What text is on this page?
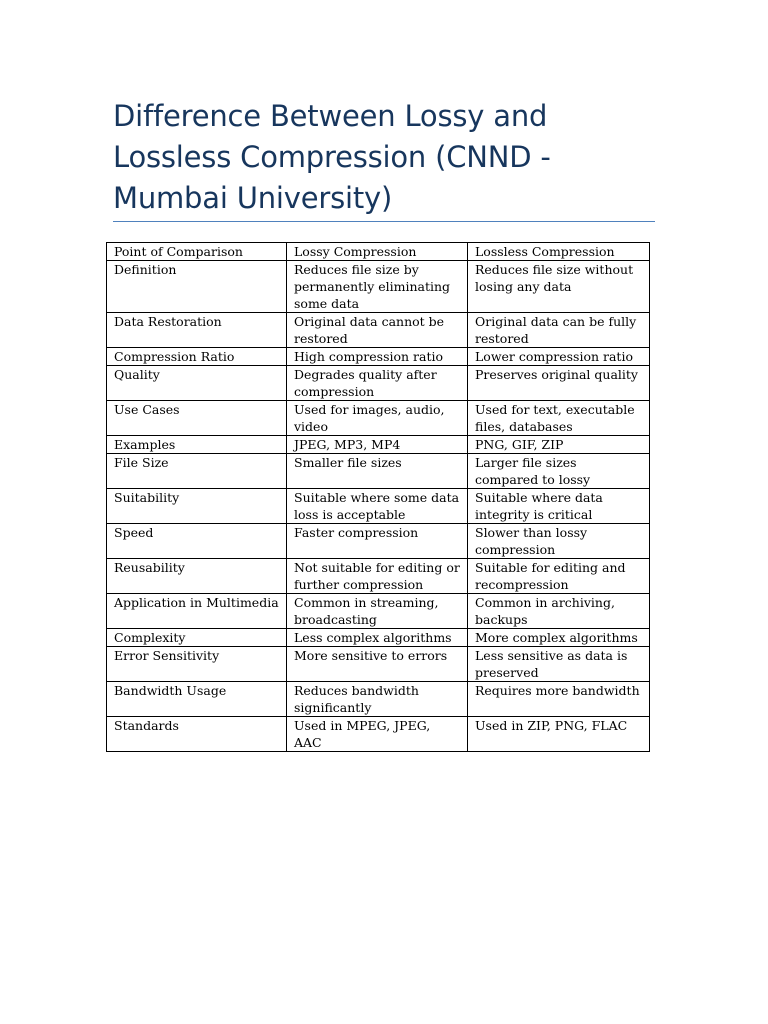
Difference Between Lossy and Lossless Compression (CNND - Mumbai University)
Point of Comparison	Lossy Compression	Lossless Compression
Definition	Reduces file size by permanently eliminating some data	Reduces file size without losing any data
Data Restoration	Original data cannot be restored	Original data can be fully restored
Compression Ratio	High compression ratio	Lower compression ratio
Quality	Degrades quality after compression	Preserves original quality
Use Cases	Used for images, audio, video	Used for text, executable files, databases
Examples	JPEG, MP3, MP4	PNG, GIF, ZIP
File Size	Smaller file sizes	Larger file sizes compared to lossy
Suitability	Suitable where some data loss is acceptable	Suitable where data integrity is critical
Speed	Faster compression	Slower than lossy compression
Reusability	Not suitable for editing or further compression	Suitable for editing and recompression
Application in Multimedia	Common in streaming, broadcasting	Common in archiving, backups
Complexity	Less complex algorithms	More complex algorithms
Error Sensitivity	More sensitive to errors	Less sensitive as data is preserved
Bandwidth Usage	Reduces bandwidth significantly	Requires more bandwidth
Standards	Used in MPEG, JPEG, AAC	Used in ZIP, PNG, FLAC
